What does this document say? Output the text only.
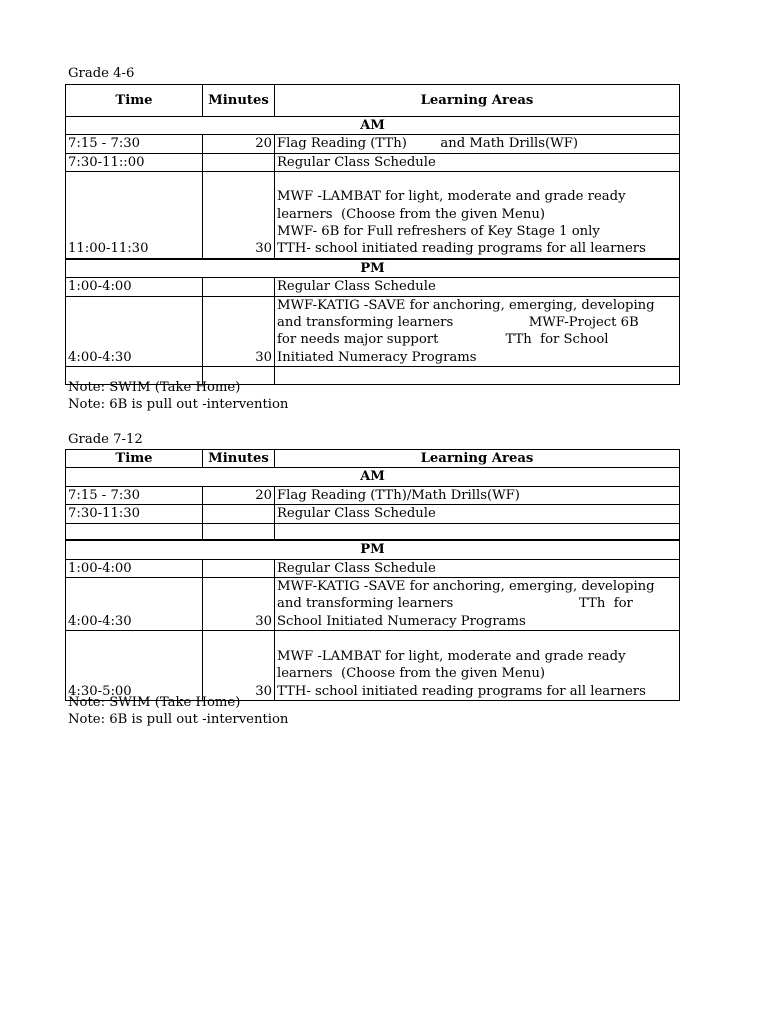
Grade 4-6
Time	Minutes	Learning Areas
AM		
7:15 - 7:30	20	Flag Reading (TTh)        and Math Drills(WF)

7:30-11::00		Regular Class Schedule

11:00-11:30	30	MWF -LAMBAT for light, moderate and grade ready
learners  (Choose from the given Menu)
MWF- 6B for Full refreshers of Key Stage 1 only
TTH- school initiated reading programs for all learners

PM		
1:00-4:00		Regular Class Schedule

4:00-4:30	30	MWF-KATIG -SAVE for anchoring, emerging, developing
and transforming learners                  MWF-Project 6B
for needs major support                TTh  for School
Initiated Numeracy Programs

Note: SWIM (Take Home)
Note: 6B is pull out -intervention
Grade 7-12
Time	Minutes	Learning Areas
AM		
7:15 - 7:30	20	Flag Reading (TTh)/Math Drills(WF)

7:30-11:30		Regular Class Schedule

PM		
1:00-4:00		Regular Class Schedule

4:00-4:30	30	MWF-KATIG -SAVE for anchoring, emerging, developing
and transforming learners                              TTh  for
School Initiated Numeracy Programs

4:30-5:00	30	MWF -LAMBAT for light, moderate and grade ready
learners  (Choose from the given Menu)
TTH- school initiated reading programs for all learners
Note: SWIM (Take Home)
Note: 6B is pull out -intervention
